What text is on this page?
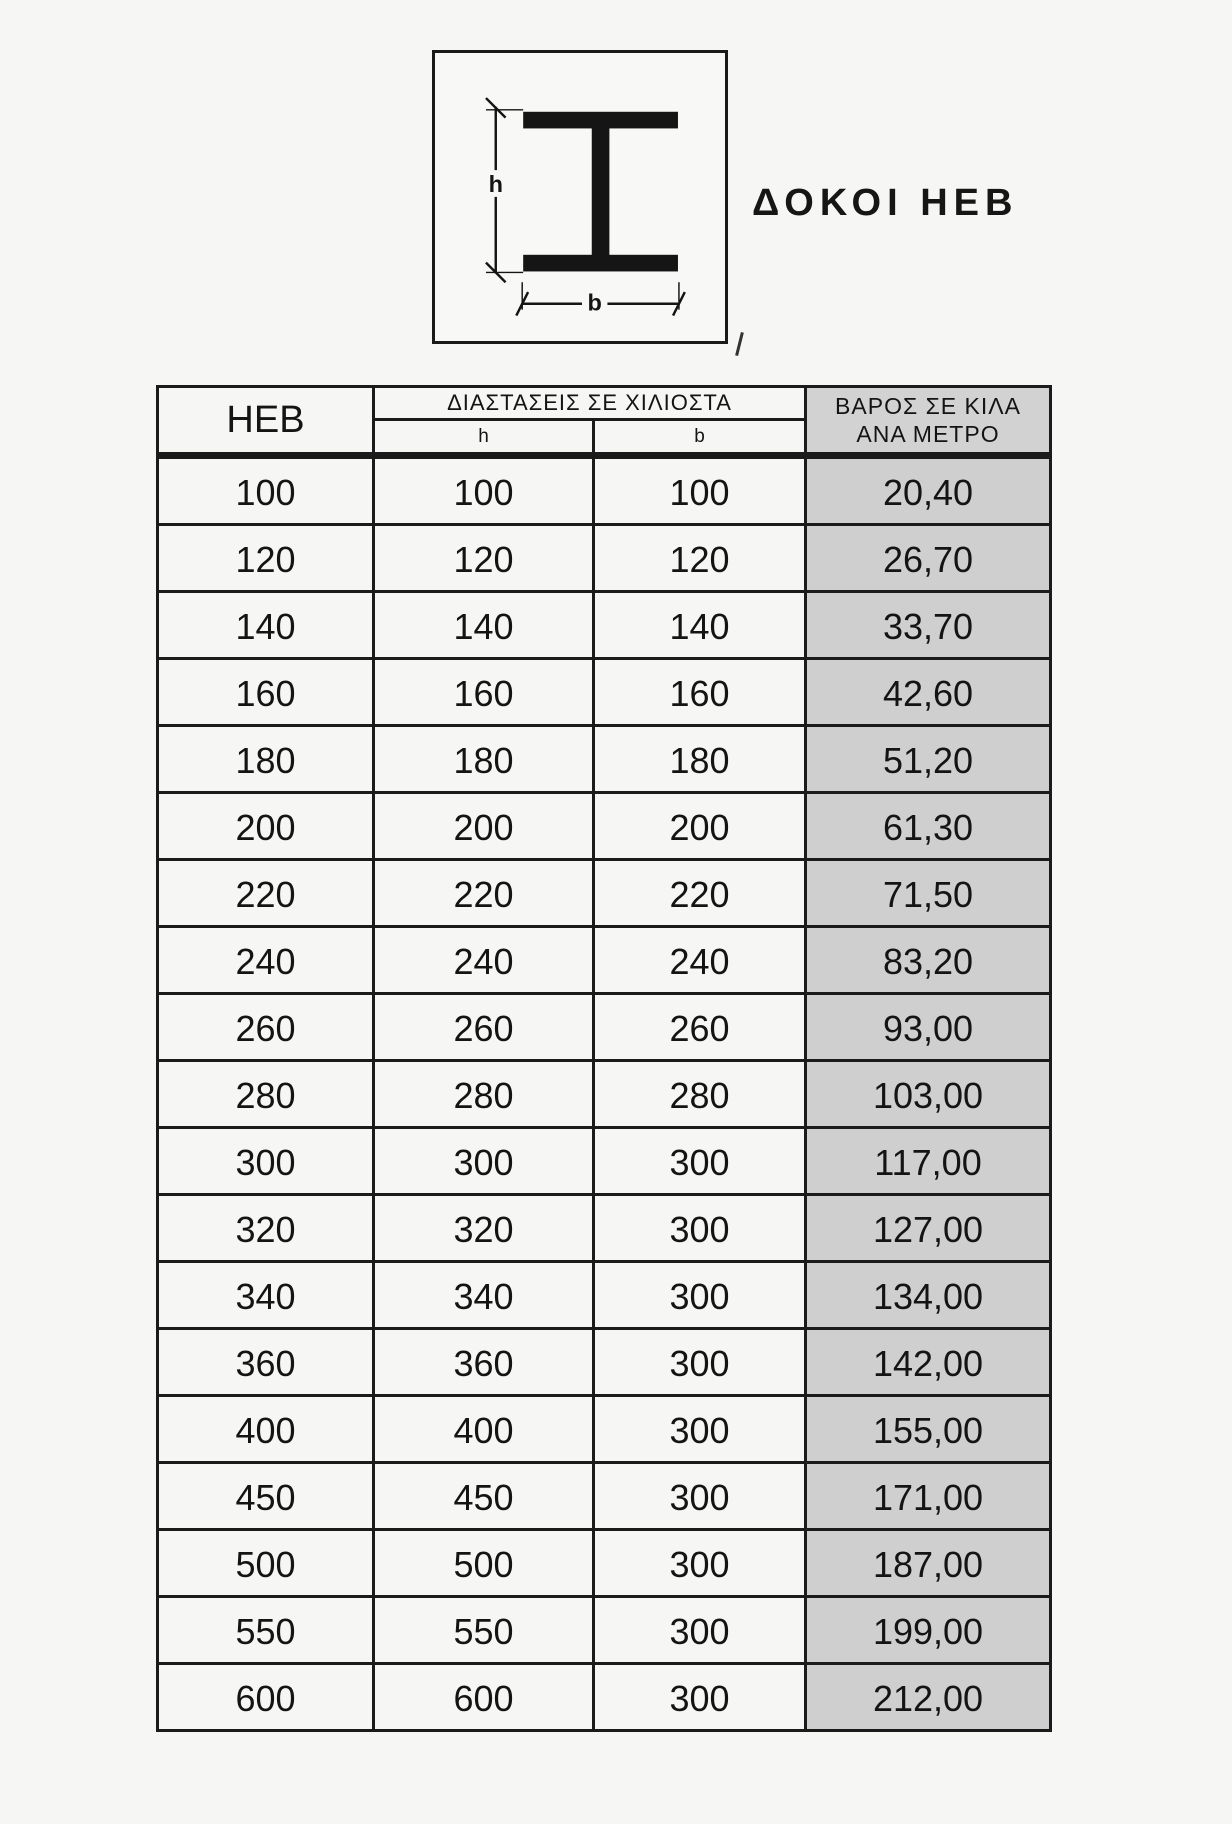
h
b
ΔΟΚΟΙ ΗΕΒ
HEB	ΔΙΑΣΤΑΣΕΙΣ ΣΕ ΧΙΛΙΟΣΤΑ		ΒΑΡΟΣ ΣΕ ΚΙΛΑ
ΑΝΑ ΜΕΤΡΟ

	h	b	
100	100	100	20,40
120	120	120	26,70
140	140	140	33,70
160	160	160	42,60
180	180	180	51,20
200	200	200	61,30
220	220	220	71,50
240	240	240	83,20
260	260	260	93,00
280	280	280	103,00
300	300	300	117,00
320	320	300	127,00
340	340	300	134,00
360	360	300	142,00
400	400	300	155,00
450	450	300	171,00
500	500	300	187,00
550	550	300	199,00
600	600	300	212,00
